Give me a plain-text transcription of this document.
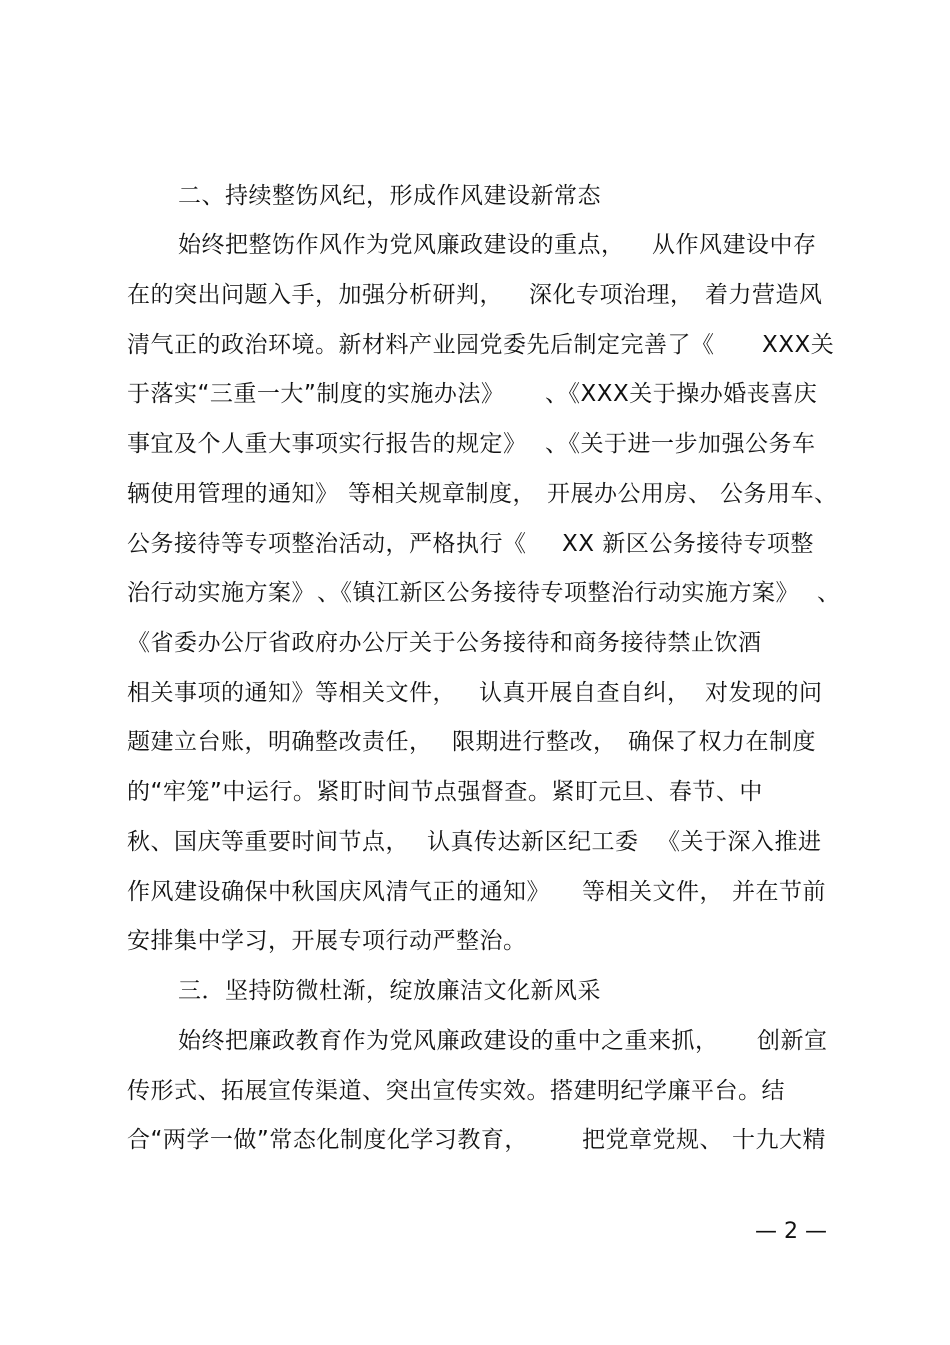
二、持续整饬风纪，形成作风建设新常态
始终把整饬作风作为党风廉政建设的重点， 从作风建设中存
在的突出问题入手，加强分析研判， 深化专项治理， 着力营造风
清气正的政治环境。新材料产业园党委先后制定完善了《 XXX关
于落实“三重一大”制度的实施办法》 、《XXX关于操办婚丧喜庆
事宜及个人重大事项实行报告的规定》 、《关于进一步加强公务车
辆使用管理的通知》 等相关规章制度， 开展办公用房、 公务用车、
公务接待等专项整治活动，严格执行《 XX 新区公务接待专项整
治行动实施方案》 、《镇江新区公务接待专项整治行动实施方案》 、
《省委办公厅省政府办公厅关于公务接待和商务接待禁止饮酒
相关事项的通知》等相关文件， 认真开展自查自纠， 对发现的问
题建立台账，明确整改责任， 限期进行整改， 确保了权力在制度
的“牢笼”中运行。紧盯时间节点强督查。紧盯元旦、春节、中
秋、国庆等重要时间节点， 认真传达新区纪工委 《关于深入推进
作风建设确保中秋国庆风清气正的通知》 等相关文件， 并在节前
安排集中学习，开展专项行动严整治。
三．坚持防微杜渐，绽放廉洁文化新风采
始终把廉政教育作为党风廉政建设的重中之重来抓， 创新宣
传形式、拓展宣传渠道、突出宣传实效。搭建明纪学廉平台。结
合“两学一做”常态化制度化学习教育， 把党章党规、 十九大精
— 2 —
